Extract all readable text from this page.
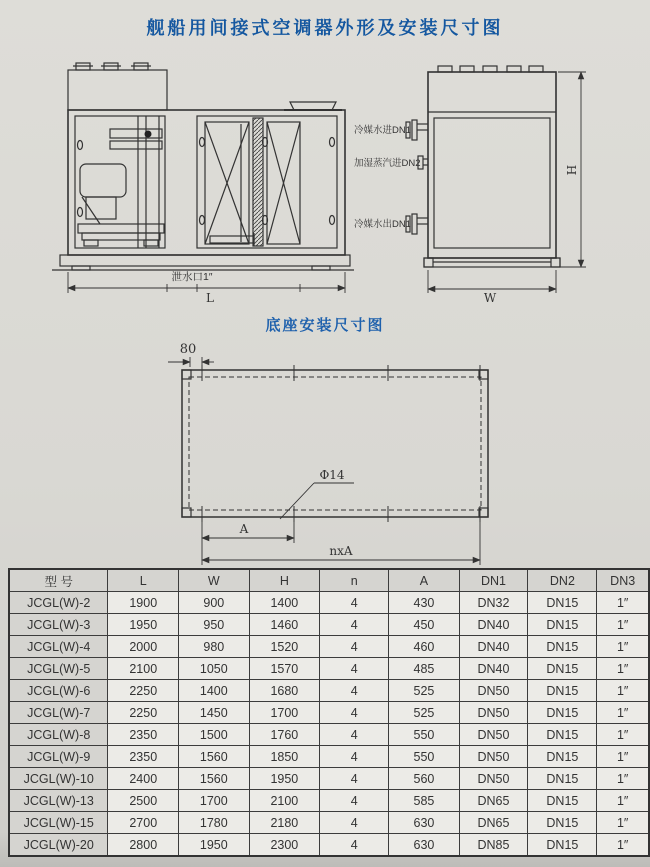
舰船用间接式空调器外形及安装尺寸图
泄水口1″
L
冷媒水进DN1
加湿蒸汽进DN2
冷媒水出DN1
H
W
底座安装尺寸图
80
Φ14
A
nxA
型 号	L	W	H	n	A	DN1	DN2	DN3
JCGL(W)-2	1900	900	1400	4	430	DN32	DN15	1″
JCGL(W)-3	1950	950	1460	4	450	DN40	DN15	1″
JCGL(W)-4	2000	980	1520	4	460	DN40	DN15	1″
JCGL(W)-5	2100	1050	1570	4	485	DN40	DN15	1″
JCGL(W)-6	2250	1400	1680	4	525	DN50	DN15	1″
JCGL(W)-7	2250	1450	1700	4	525	DN50	DN15	1″
JCGL(W)-8	2350	1500	1760	4	550	DN50	DN15	1″
JCGL(W)-9	2350	1560	1850	4	550	DN50	DN15	1″
JCGL(W)-10	2400	1560	1950	4	560	DN50	DN15	1″
JCGL(W)-13	2500	1700	2100	4	585	DN65	DN15	1″
JCGL(W)-15	2700	1780	2180	4	630	DN65	DN15	1″
JCGL(W)-20	2800	1950	2300	4	630	DN85	DN15	1″
